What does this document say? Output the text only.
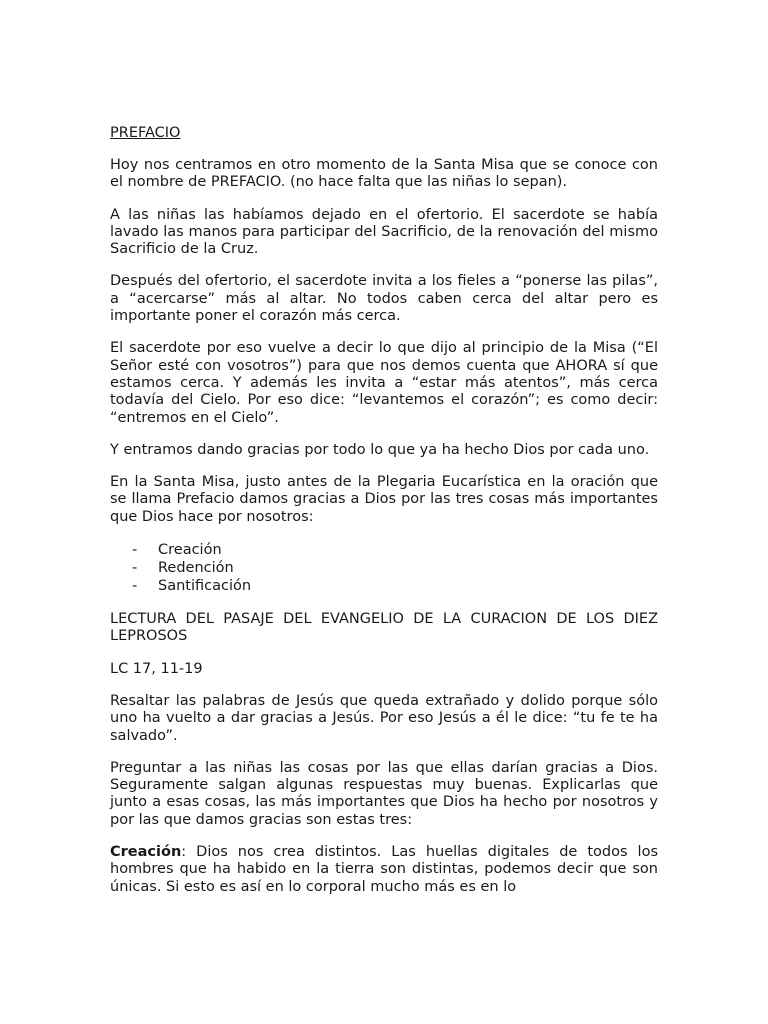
PREFACIO

Hoy nos centramos en otro momento de la Santa Misa que se conoce con el nombre de PREFACIO. (no hace falta que las niñas lo sepan).

A las niñas las habíamos dejado en el ofertorio. El sacerdote se había lavado las manos para participar del Sacrificio, de la renovación del mismo Sacrificio de la Cruz.

Después del ofertorio, el sacerdote invita a los fieles a “ponerse las pilas”, a “acercarse” más al altar. No todos caben cerca del altar pero es importante poner el corazón más cerca.

El sacerdote por eso vuelve a decir lo que dijo al principio de la Misa (“El Señor esté con vosotros”) para que nos demos cuenta que AHORA sí que estamos cerca. Y además les invita a “estar más atentos”, más cerca todavía del Cielo. Por eso dice: “levantemos el corazón”; es como decir: “entremos en el Cielo”.

Y entramos dando gracias por todo lo que ya ha hecho Dios por cada uno.

En la Santa Misa, justo antes de la Plegaria Eucarística en la oración que se llama Prefacio damos gracias a Dios por las tres cosas más importantes que Dios hace por nosotros:

-	Creación
-	Redención
-	Santificación

LECTURA DEL PASAJE DEL EVANGELIO DE LA CURACION DE LOS DIEZ LEPROSOS

LC 17, 11-19

Resaltar las palabras de Jesús que queda extrañado y dolido porque sólo uno ha vuelto a dar gracias a Jesús. Por eso Jesús a él le dice: “tu fe te ha salvado”.

Preguntar a las niñas las cosas por las que ellas darían gracias a Dios. Seguramente salgan algunas respuestas muy buenas. Explicarlas que junto a esas cosas, las más importantes que Dios ha hecho por nosotros y por las que damos gracias son estas tres:

Creación: Dios nos crea distintos. Las huellas digitales de todos los hombres que ha habido en la tierra son distintas, podemos decir que son únicas. Si esto es así en lo corporal mucho más es en lo
